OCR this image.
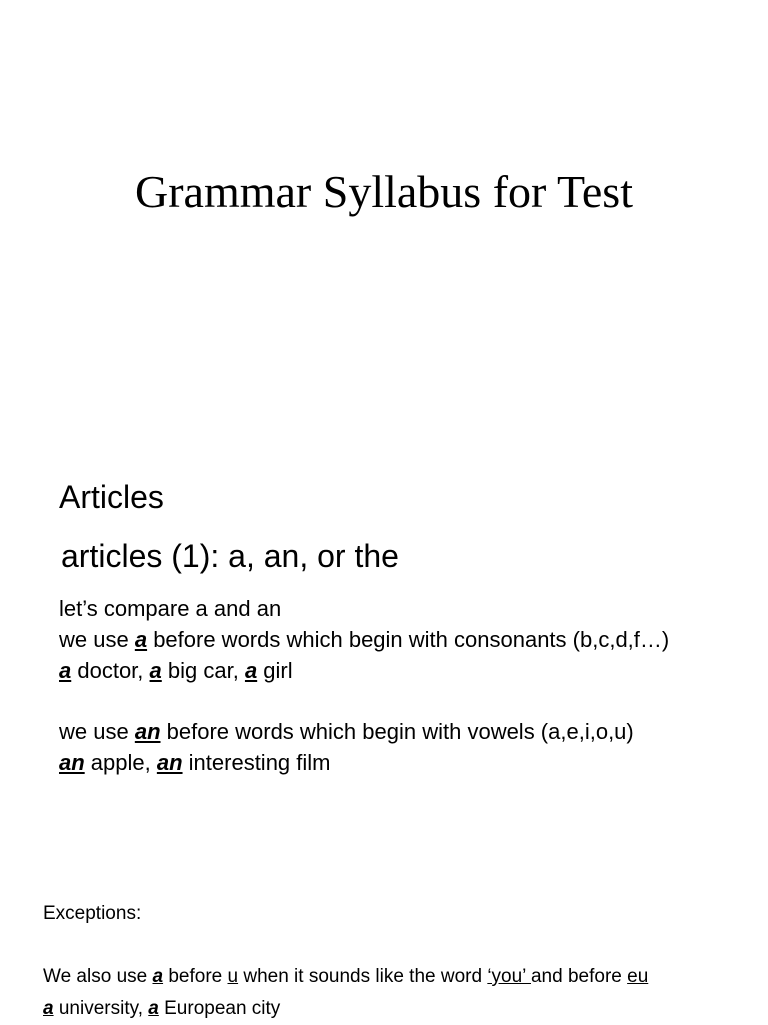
Grammar Syllabus for Test
Articles
articles (1): a, an, or the
let’s compare a and an
we use a before words which begin with consonants (b,c,d,f…)
a doctor, a big car, a girl
we use an before words which begin with vowels (a,e,i,o,u)
an apple, an interesting film
Exceptions:
We also use a before u when it sounds like the word ‘you’ and before eu
a university, a European city
